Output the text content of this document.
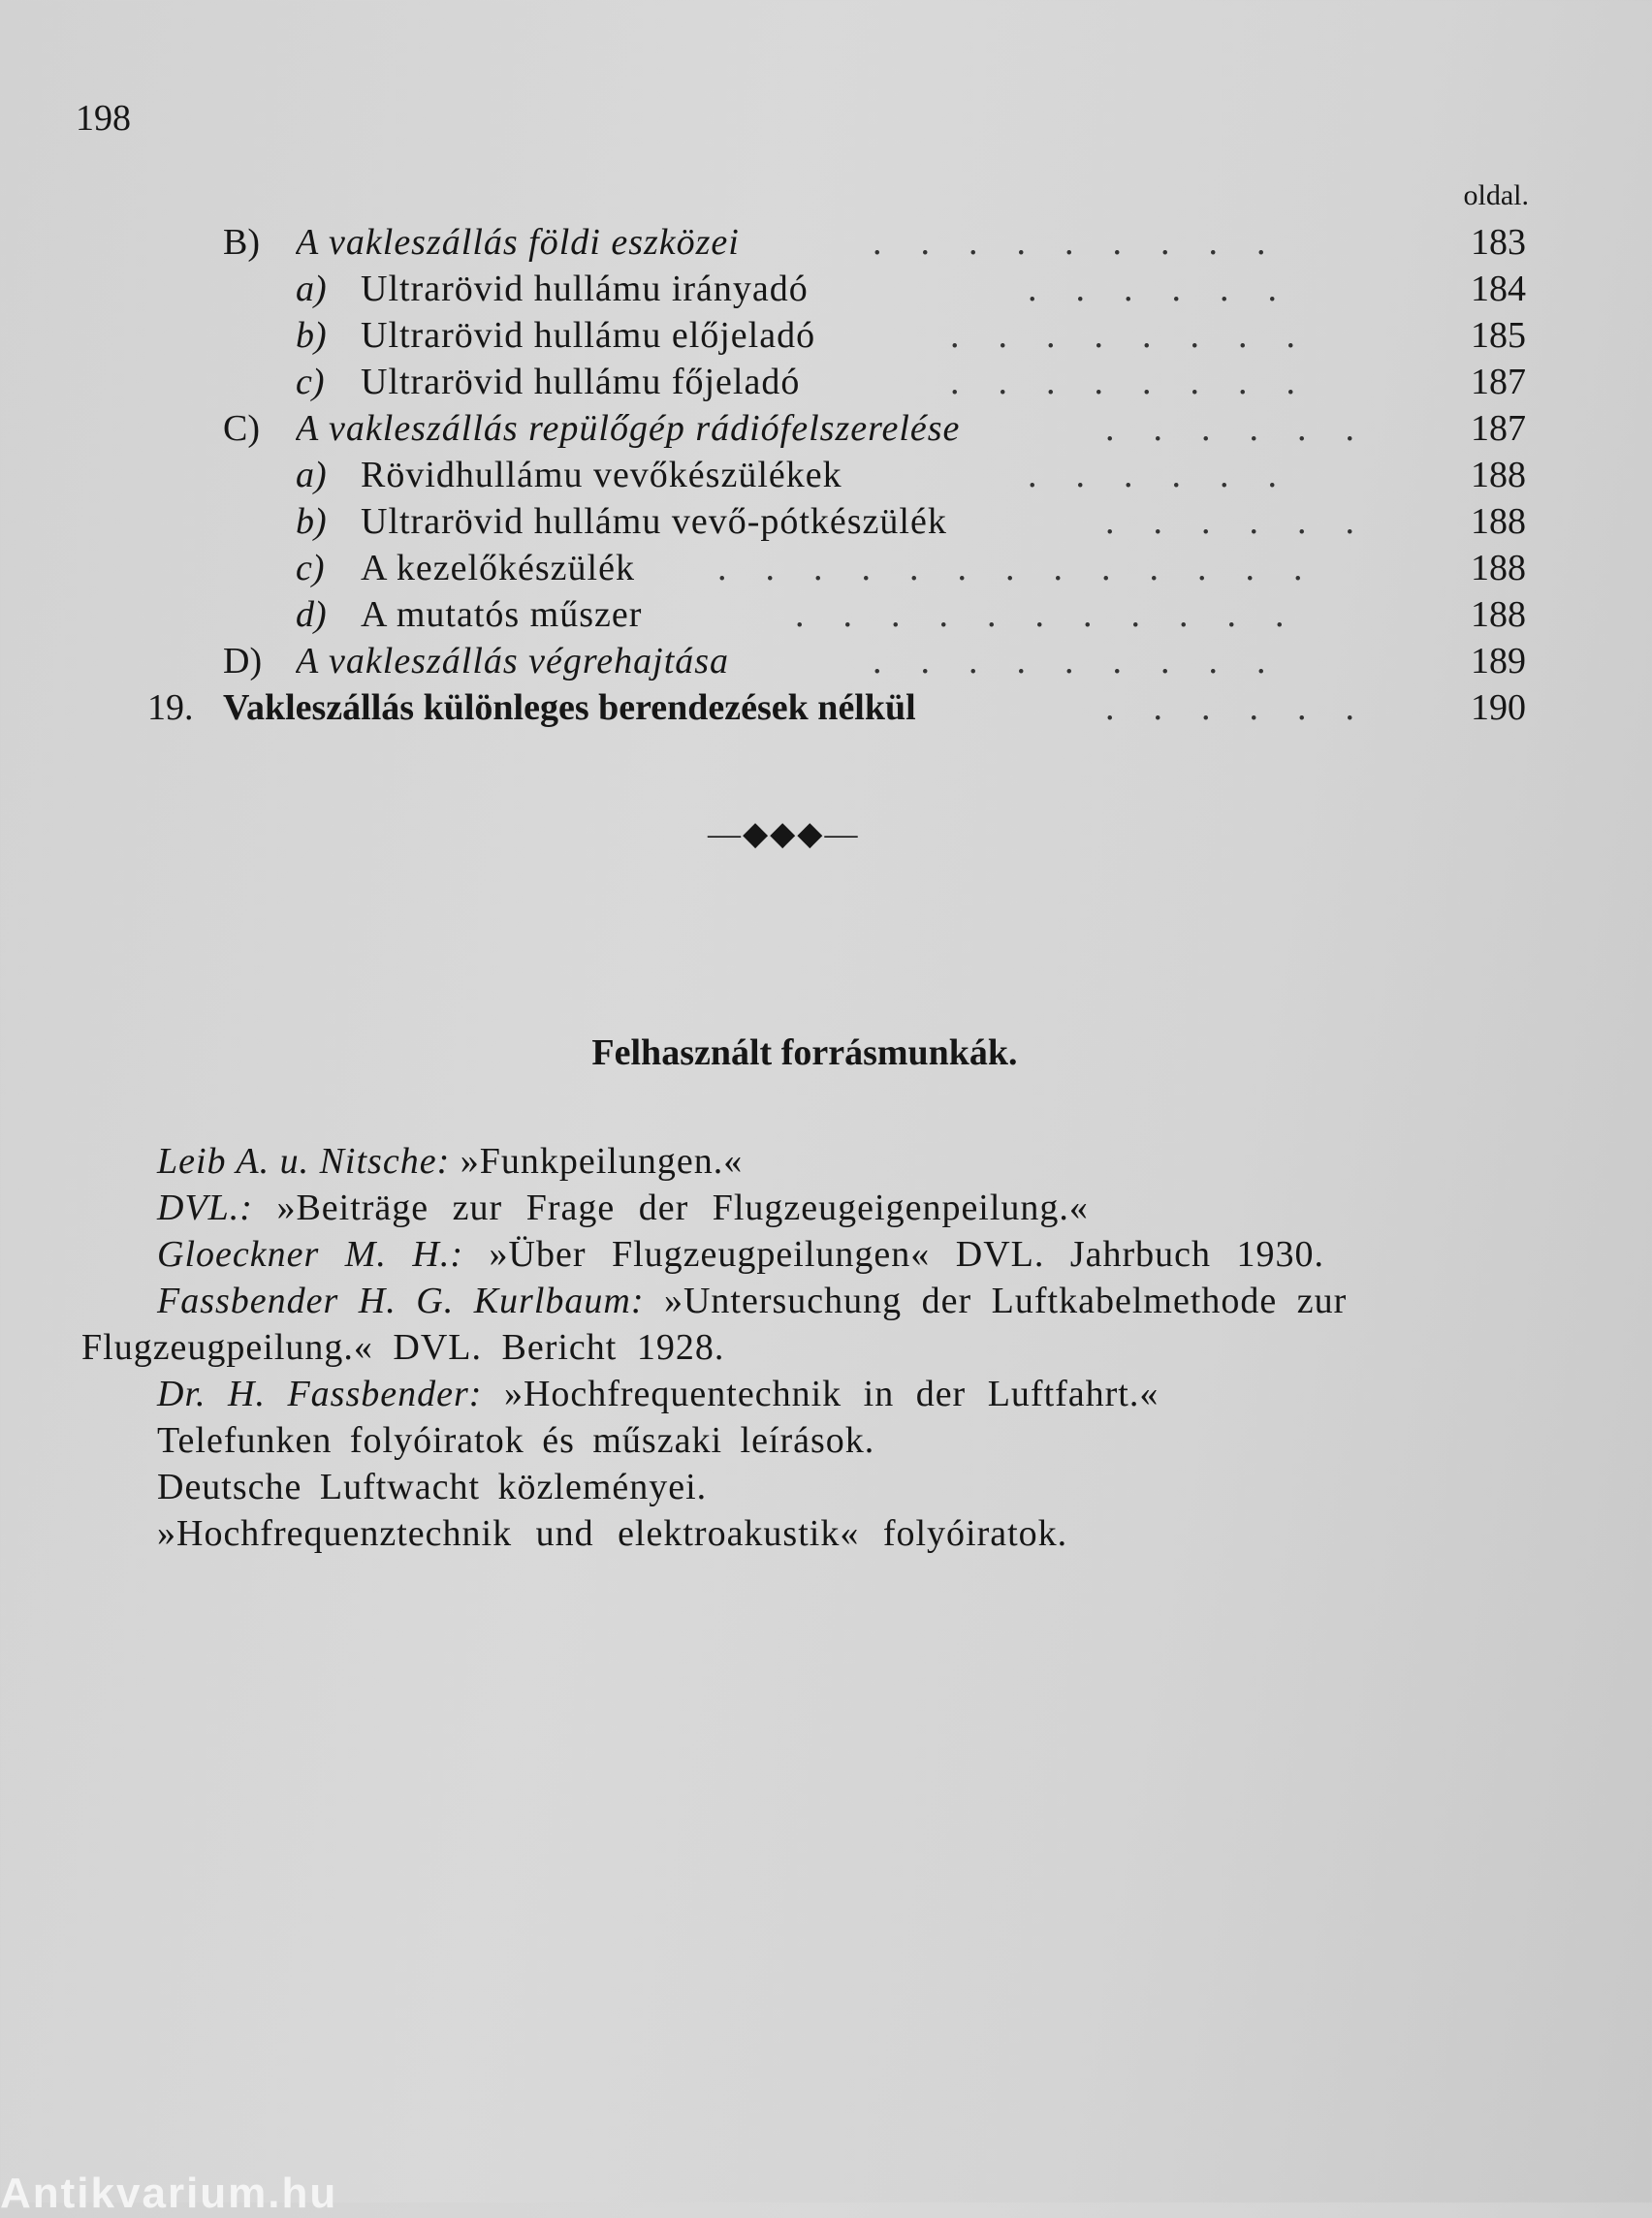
198
oldal.
B) A vakleszállás földi eszközei	.........	183
a) Ultrarövid hullámu irányadó	......	184
b) Ultrarövid hullámu előjeladó	........	185
c) Ultrarövid hullámu főjeladó	........	187
C) A vakleszállás repülőgép rádiófelszerelése	......	187
a) Rövidhullámu vevőkészülékek	......	188
b) Ultrarövid hullámu vevő-pótkészülék	......	188
c) A kezelőkészülék .............	188
d) A mutatós műszer	...........	188
D) A vakleszállás végrehajtása	.........	189
19. Vakleszállás különleges berendezések nélkül	......	190
—◆◆◆—
Felhasznált forrásmunkák.
Leib A. u. Nitsche: »Funkpeilungen.«
DVL.: »Beiträge zur Frage der Flugzeugeigenpeilung.«
Gloeckner M. H.: »Über Flugzeugpeilungen« DVL. Jahrbuch 1930.
Fassbender H. G. Kurlbaum: »Untersuchung der Luftkabelmethode zur
Flugzeugpeilung.« DVL. Bericht 1928.
Dr. H. Fassbender: »Hochfrequentechnik in der Luftfahrt.«
Telefunken folyóiratok és műszaki leírások.
Deutsche Luftwacht közleményei.
»Hochfrequenztechnik und elektroakustik« folyóiratok.
Antikvarium.hu
